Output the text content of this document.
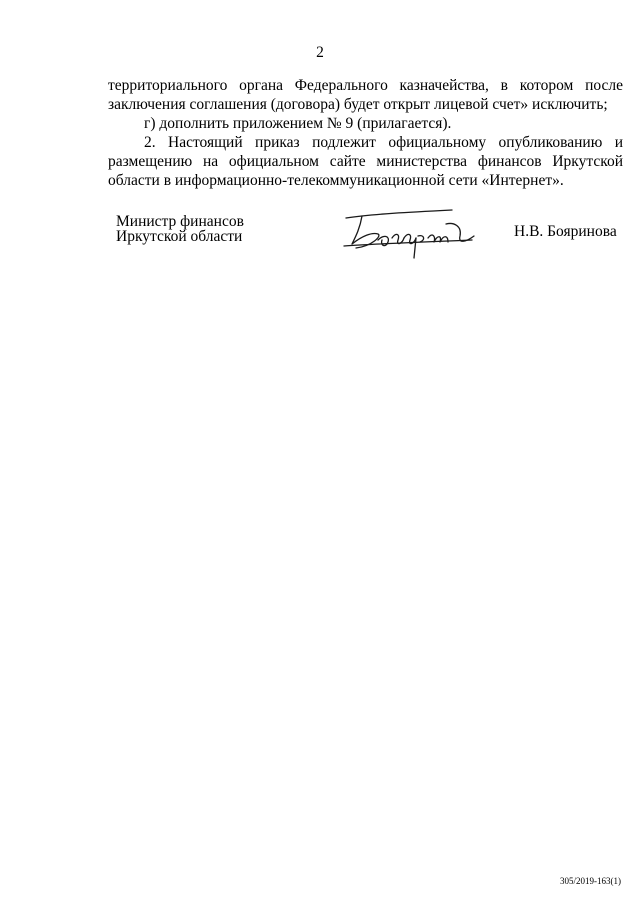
2

территориального органа Федерального казначейства, в котором после
заключения соглашения (договора) будет открыт лицевой счет» исключить;

г) дополнить приложением № 9 (прилагается).

2. Настоящий приказ подлежит официальному опубликованию и
размещению на официальном сайте министерства финансов Иркутской
области в информационно-телекоммуникационной сети «Интернет».

Министр финансов
Иркутской области	Н.В. Бояринова
305/2019-163(1)
